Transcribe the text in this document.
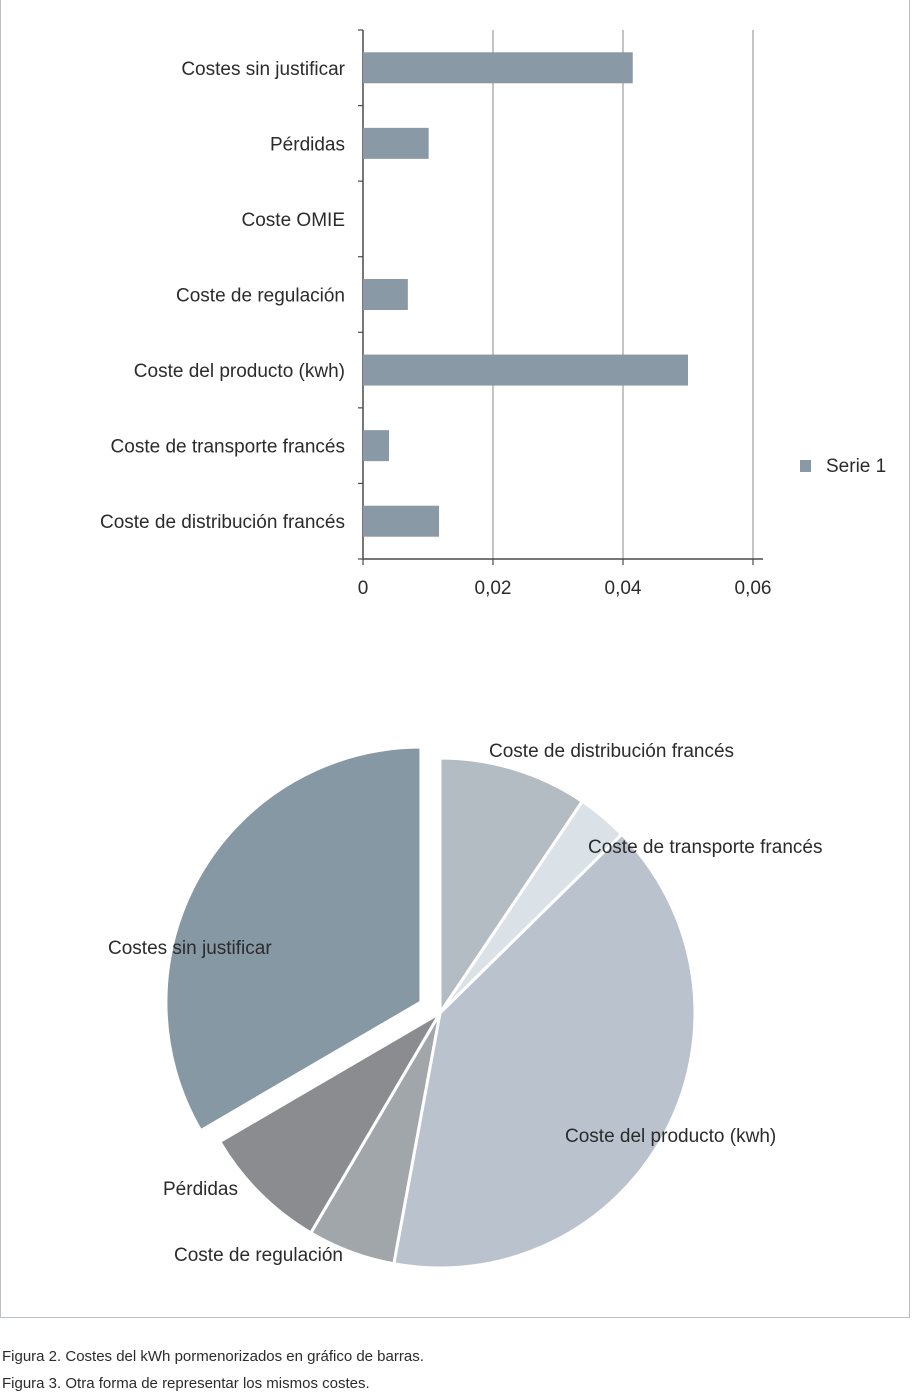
0	0,02	0,04	0,06
Costes sin justificar
Pérdidas
Coste OMIE
Coste de regulación
Coste del producto (kwh)
Coste de transporte francés
Coste de distribución francés
Serie 1
Coste de distribución francés
Coste de transporte francés
Coste del producto (kwh)
Coste de regulación
Pérdidas
Costes sin justificar
Figura 2. Costes del kWh pormenorizados en gráfico de barras.
Figura 3. Otra forma de representar los mismos costes.
